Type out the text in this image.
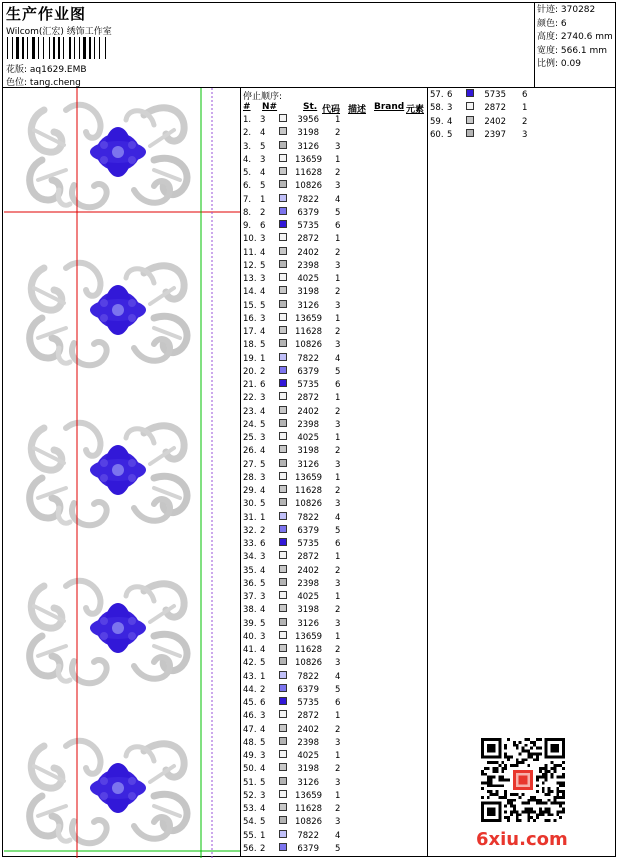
生产作业图
Wilcom(汇宏) 绣饰工作室
花版: aq1629.EMB
色位: tang.cheng
针迹: 370282
颜色: 6
高度: 2740.6 mm
宽度: 566.1 mm
比例: 0.09
停止顺序:
# N#	St. 代码 描述 Brand 元素
1. 3	3956 1
2. 4	3198 2
3. 5	3126 3
4. 3	13659 1
5. 4	11628 2
6. 5	10826 3
7. 1	7822 4
8. 2	6379 5
9. 6	5735 6
10. 3	2872 1
11. 4	2402 2
12. 5	2398 3
13. 3	4025 1
14. 4	3198 2
15. 5	3126 3
16. 3	13659 1
17. 4	11628 2
18. 5	10826 3
19. 1	7822 4
20. 2	6379 5
21. 6	5735 6
22. 3	2872 1
23. 4	2402 2
24. 5	2398 3
25. 3	4025 1
26. 4	3198 2
27. 5	3126 3
28. 3	13659 1
29. 4	11628 2
30. 5	10826 3
31. 1	7822 4
32. 2	6379 5
33. 6	5735 6
34. 3	2872 1
35. 4	2402 2
36. 5	2398 3
37. 3	4025 1
38. 4	3198 2
39. 5	3126 3
40. 3	13659 1
41. 4	11628 2
42. 5	10826 3
43. 1	7822 4
44. 2	6379 5
45. 6	5735 6
46. 3	2872 1
47. 4	2402 2
48. 5	2398 3
49. 3	4025 1
50. 4	3198 2
51. 5	3126 3
52. 3	13659 1
53. 4	11628 2
54. 5	10826 3
55. 1	7822 4
56. 2	6379 5
57. 6	5735 6
58. 3	2872 1
59. 4	2402 2
60. 5	2397 3
6xiu.com
